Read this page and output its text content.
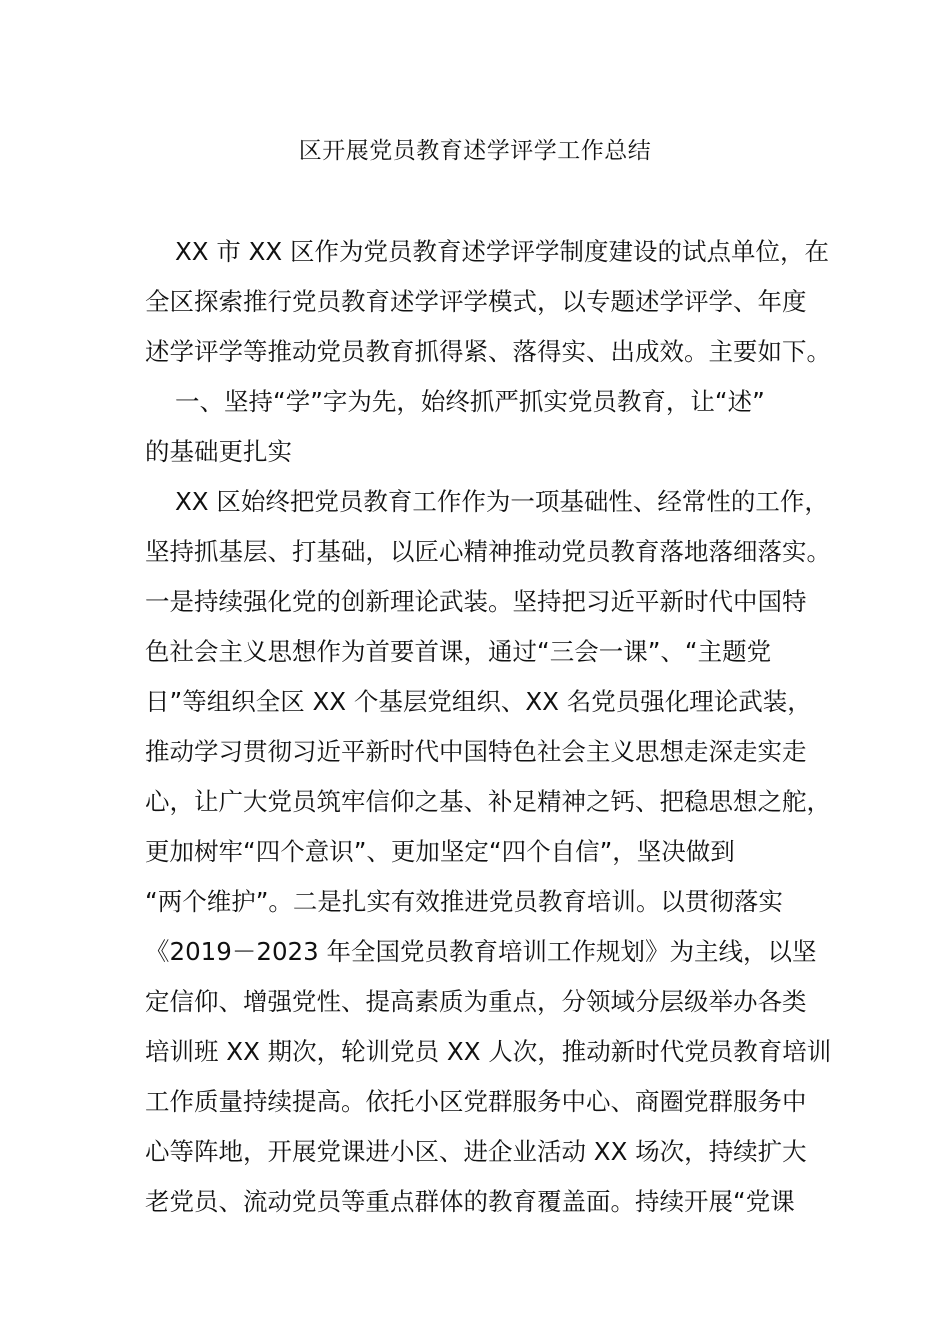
区开展党员教育述学评学工作总结
XX 市 XX 区作为党员教育述学评学制度建设的试点单位，在
全区探索推行党员教育述学评学模式，以专题述学评学、年度
述学评学等推动党员教育抓得紧、落得实、出成效。主要如下。
一、坚持“学”字为先，始终抓严抓实党员教育，让“述”
的基础更扎实
XX 区始终把党员教育工作作为一项基础性、经常性的工作，
坚持抓基层、打基础，以匠心精神推动党员教育落地落细落实。
一是持续强化党的创新理论武装。坚持把习近平新时代中国特
色社会主义思想作为首要首课，通过“三会一课”、“主题党
日”等组织全区 XX 个基层党组织、XX 名党员强化理论武装，
推动学习贯彻习近平新时代中国特色社会主义思想走深走实走
心，让广大党员筑牢信仰之基、补足精神之钙、把稳思想之舵，
更加树牢“四个意识”、更加坚定“四个自信”，坚决做到
“两个维护”。二是扎实有效推进党员教育培训。以贯彻落实
《2019－2023 年全国党员教育培训工作规划》为主线，以坚
定信仰、增强党性、提高素质为重点，分领域分层级举办各类
培训班 XX 期次，轮训党员 XX 人次，推动新时代党员教育培训
工作质量持续提高。依托小区党群服务中心、商圈党群服务中
心等阵地，开展党课进小区、进企业活动 XX 场次，持续扩大
老党员、流动党员等重点群体的教育覆盖面。持续开展“党课
